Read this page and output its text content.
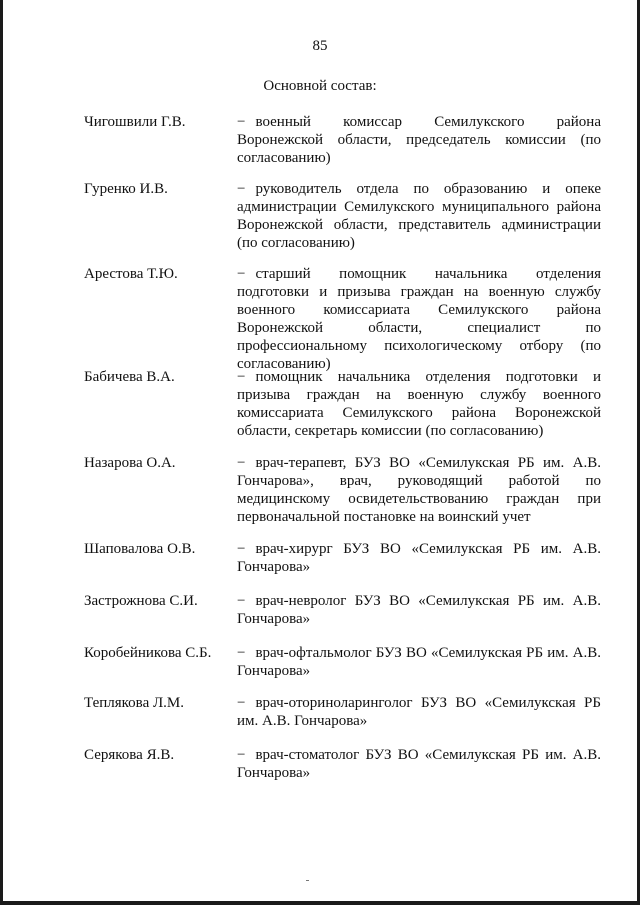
85
Основной состав:
Чигошвили Г.В.	− военный комиссар Семилукского района Воронежской области, председатель комиссии (по согласованию)
Гуренко И.В.	− руководитель отдела по образованию и опеке администрации Семилукского муниципального района Воронежской области, представитель администрации (по согласованию)
Арестова Т.Ю.	− старший помощник начальника отделения подготовки и призыва граждан на военную службу военного комиссариата Семилукского района Воронежской области, специалист по профессиональному психологическому отбору (по согласованию)
Бабичева В.А.	− помощник начальника отделения подготовки и призыва граждан на военную службу военного комиссариата Семилукского района Воронежской области, секретарь комиссии (по согласованию)
Назарова О.А.	− врач-терапевт, БУЗ ВО «Семилукская РБ им. А.В. Гончарова», врач, руководящий работой по медицинскому освидетельствованию граждан при первоначальной постановке на воинский учет
Шаповалова О.В.	− врач-хирург БУЗ ВО «Семилукская РБ им. А.В. Гончарова»
Застрожнова С.И.	− врач-невролог БУЗ ВО «Семилукская РБ им. А.В. Гончарова»
Коробейникова С.Б. − врач-офтальмолог БУЗ ВО «Семилукская РБ им. А.В. Гончарова»
Теплякова Л.М.	− врач-оториноларинголог БУЗ ВО «Семилукская РБ им. А.В. Гончарова»
Серякова Я.В.	− врач-стоматолог БУЗ ВО «Семилукская РБ им. А.В. Гончарова»
